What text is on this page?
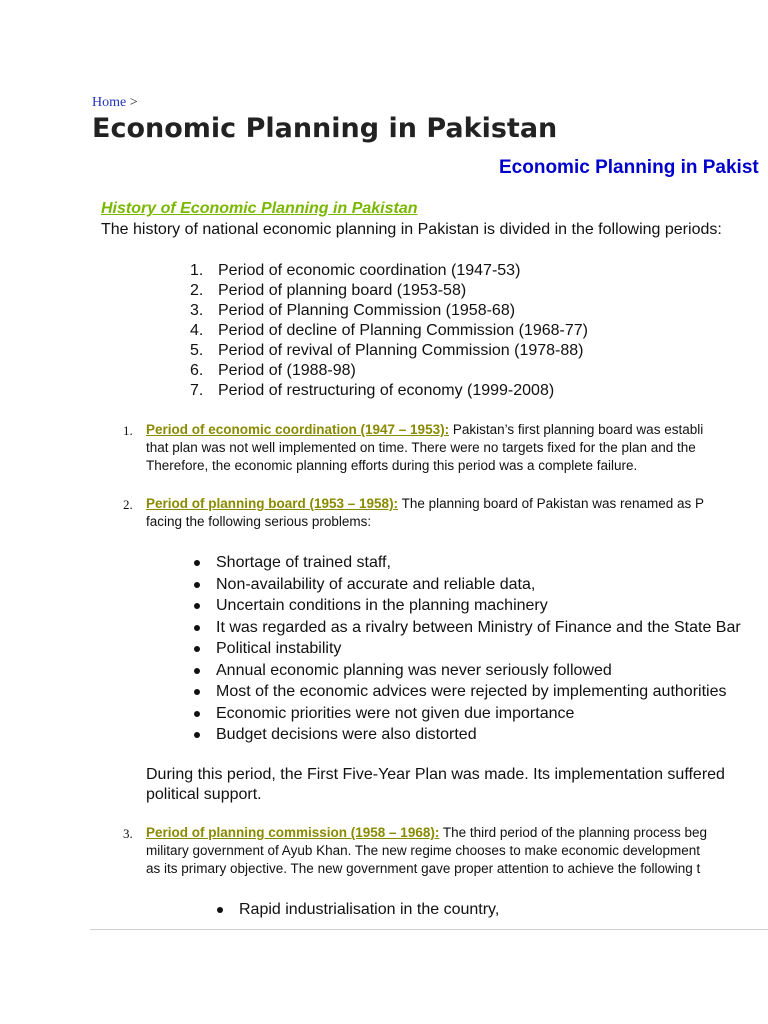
Home >
Economic Planning in Pakistan
Economic Planning in Pakist
History of Economic Planning in Pakistan
The history of national economic planning in Pakistan is divided in the following periods:
1. Period of economic coordination (1947-53)
2. Period of planning board (1953-58)
3. Period of Planning Commission (1958-68)
4. Period of decline of Planning Commission (1968-77)
5. Period of revival of Planning Commission (1978-88)
6. Period of (1988-98)
7. Period of restructuring of economy (1999-2008)
1. Period of economic coordination (1947 – 1953): Pakistan’s first planning board was establi
that plan was not well implemented on time. There were no targets fixed for the plan and the
Therefore, the economic planning efforts during this period was a complete failure.
2. Period of planning board (1953 – 1958): The planning board of Pakistan was renamed as P
facing the following serious problems:
Shortage of trained staff,
Non-availability of accurate and reliable data,
Uncertain conditions in the planning machinery
It was regarded as a rivalry between Ministry of Finance and the State Bar
Political instability
Annual economic planning was never seriously followed
Most of the economic advices were rejected by implementing authorities
Economic priorities were not given due importance
Budget decisions were also distorted
During this period, the First Five-Year Plan was made. Its implementation suffered
political support.
3. Period of planning commission (1958 – 1968): The third period of the planning process beg
military government of Ayub Khan. The new regime chooses to make economic development
as its primary objective. The new government gave proper attention to achieve the following t
Rapid industrialisation in the country,
